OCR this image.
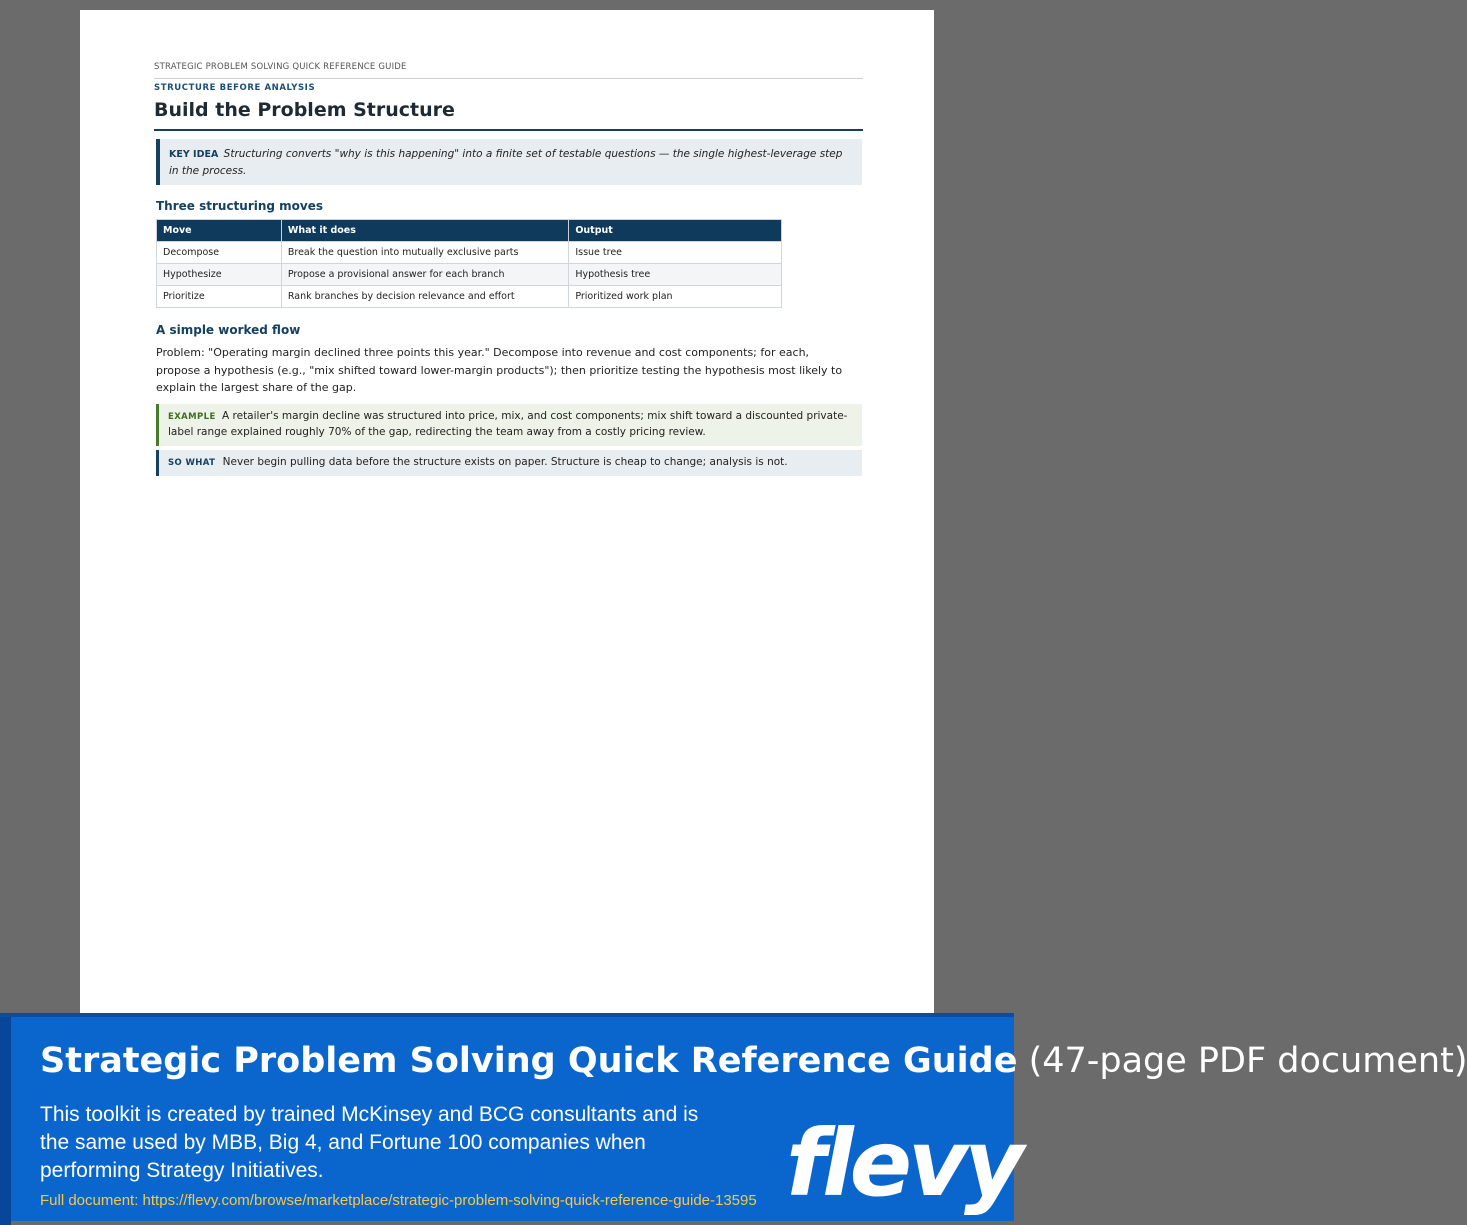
STRATEGIC PROBLEM SOLVING QUICK REFERENCE GUIDE
STRUCTURE BEFORE ANALYSIS
Build the Problem Structure
KEY IDEA Structuring converts "why is this happening" into a finite set of testable questions — the single highest-leverage step in the process.
Three structuring moves
Move	What it does	Output
Decompose	Break the question into mutually exclusive parts	Issue tree
Hypothesize	Propose a provisional answer for each branch	Hypothesis tree
Prioritize	Rank branches by decision relevance and effort	Prioritized work plan
A simple worked flow

Problem: "Operating margin declined three points this year." Decompose into revenue and cost components; for each, propose a hypothesis (e.g., "mix shifted toward lower-margin products"); then prioritize testing the hypothesis most likely to explain the largest share of the gap.

EXAMPLE A retailer's margin decline was structured into price, mix, and cost components; mix shift toward a discounted private-label range explained roughly 70% of the gap, redirecting the team away from a costly pricing review.
SO WHAT Never begin pulling data before the structure exists on paper. Structure is cheap to change; analysis is not.
Strategic Problem Solving Quick Reference Guide (47-page PDF document)
This toolkit is created by trained McKinsey and BCG consultants and is the same used by MBB, Big 4, and Fortune 100 companies when performing Strategy Initiatives.
Full document: https://flevy.com/browse/marketplace/strategic-problem-solving-quick-reference-guide-13595 flevy
